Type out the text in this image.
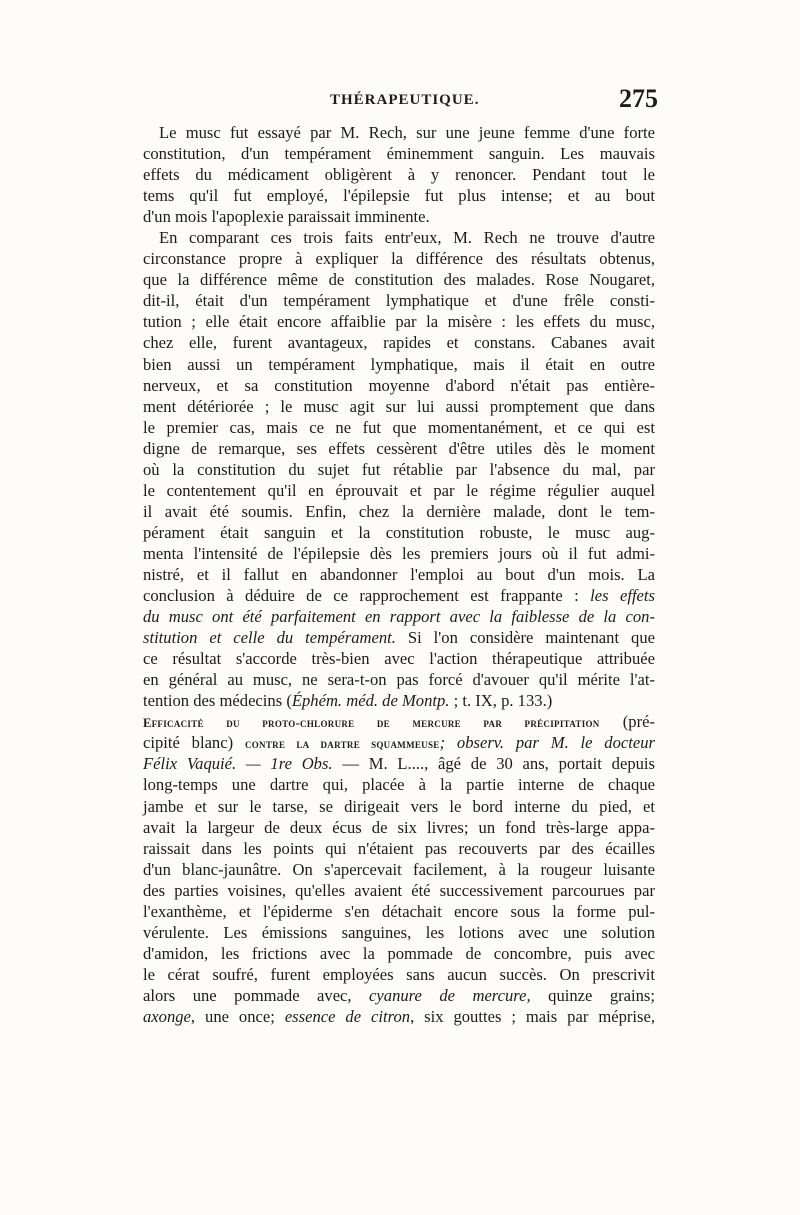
THÉRAPEUTIQUE.	275
Le musc fut essayé par M. Rech, sur une jeune femme d'une forte
constitution, d'un tempérament éminemment sanguin. Les mauvais
effets du médicament obligèrent à y renoncer. Pendant tout le
tems qu'il fut employé, l'épilepsie fut plus intense; et au bout
d'un mois l'apoplexie paraissait imminente.
En comparant ces trois faits entr'eux, M. Rech ne trouve d'autre
circonstance propre à expliquer la différence des résultats obtenus,
que la différence même de constitution des malades. Rose Nougaret,
dit-il, était d'un tempérament lymphatique et d'une frêle consti-
tution ; elle était encore affaiblie par la misère : les effets du musc,
chez elle, furent avantageux, rapides et constans. Cabanes avait
bien aussi un tempérament lymphatique, mais il était en outre
nerveux, et sa constitution moyenne d'abord n'était pas entière-
ment détériorée ; le musc agit sur lui aussi promptement que dans
le premier cas, mais ce ne fut que momentanément, et ce qui est
digne de remarque, ses effets cessèrent d'être utiles dès le moment
où la constitution du sujet fut rétablie par l'absence du mal, par
le contentement qu'il en éprouvait et par le régime régulier auquel
il avait été soumis. Enfin, chez la dernière malade, dont le tem-
pérament était sanguin et la constitution robuste, le musc aug-
menta l'intensité de l'épilepsie dès les premiers jours où il fut admi-
nistré, et il fallut en abandonner l'emploi au bout d'un mois. La
conclusion à déduire de ce rapprochement est frappante : les effets
du musc ont été parfaitement en rapport avec la faiblesse de la con-
stitution et celle du tempérament. Si l'on considère maintenant que
ce résultat s'accorde très-bien avec l'action thérapeutique attribuée
en général au musc, ne sera-t-on pas forcé d'avouer qu'il mérite l'at-
tention des médecins (Éphém. méd. de Montp. ; t. IX, p. 133.)
Efficacité du proto-chlorure de mercure par précipitation (pré-
cipité blanc) contre la dartre squammeuse; observ. par M. le docteur
Félix Vaquié. — 1re Obs. — M. L...., âgé de 30 ans, portait depuis
long-temps une dartre qui, placée à la partie interne de chaque
jambe et sur le tarse, se dirigeait vers le bord interne du pied, et
avait la largeur de deux écus de six livres; un fond très-large appa-
raissait dans les points qui n'étaient pas recouverts par des écailles
d'un blanc-jaunâtre. On s'apercevait facilement, à la rougeur luisante
des parties voisines, qu'elles avaient été successivement parcourues par
l'exanthème, et l'épiderme s'en détachait encore sous la forme pul-
vérulente. Les émissions sanguines, les lotions avec une solution
d'amidon, les frictions avec la pommade de concombre, puis avec
le cérat soufré, furent employées sans aucun succès. On prescrivit
alors une pommade avec, cyanure de mercure, quinze grains;
axonge, une once; essence de citron, six gouttes ; mais par méprise,
